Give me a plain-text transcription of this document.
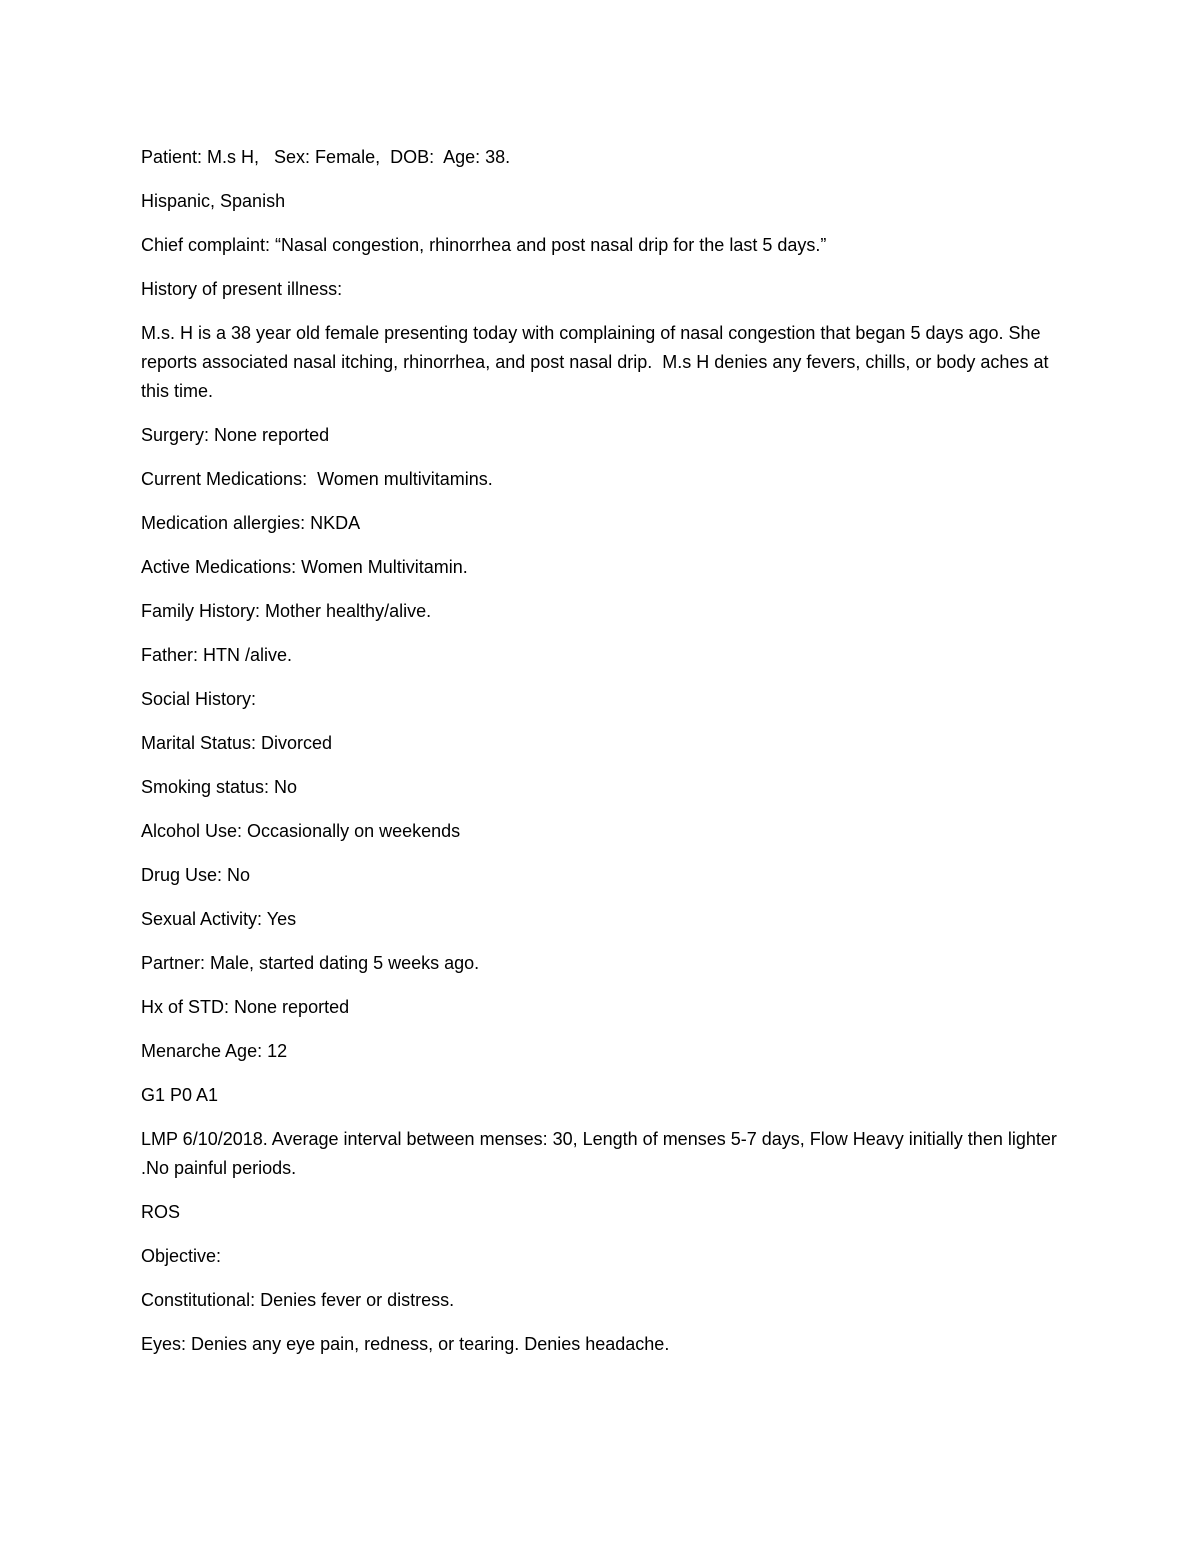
Patient: M.s H,   Sex: Female,  DOB:  Age: 38.

Hispanic, Spanish

Chief complaint: “Nasal congestion, rhinorrhea and post nasal drip for the last 5 days.”

History of present illness:

M.s. H is a 38 year old female presenting today with complaining of nasal congestion that began 5 days ago. She reports associated nasal itching, rhinorrhea, and post nasal drip.  M.s H denies any fevers, chills, or body aches at this time.

Surgery: None reported

Current Medications:  Women multivitamins.

Medication allergies: NKDA

Active Medications: Women Multivitamin.

Family History: Mother healthy/alive.

Father: HTN /alive.

Social History:

Marital Status: Divorced

Smoking status: No

Alcohol Use: Occasionally on weekends

Drug Use: No

Sexual Activity: Yes

Partner: Male, started dating 5 weeks ago.

Hx of STD: None reported

Menarche Age: 12

G1 P0 A1

LMP 6/10/2018. Average interval between menses: 30, Length of menses 5-7 days, Flow Heavy initially then lighter .No painful periods.

ROS

Objective:

Constitutional: Denies fever or distress.

Eyes: Denies any eye pain, redness, or tearing. Denies headache.
